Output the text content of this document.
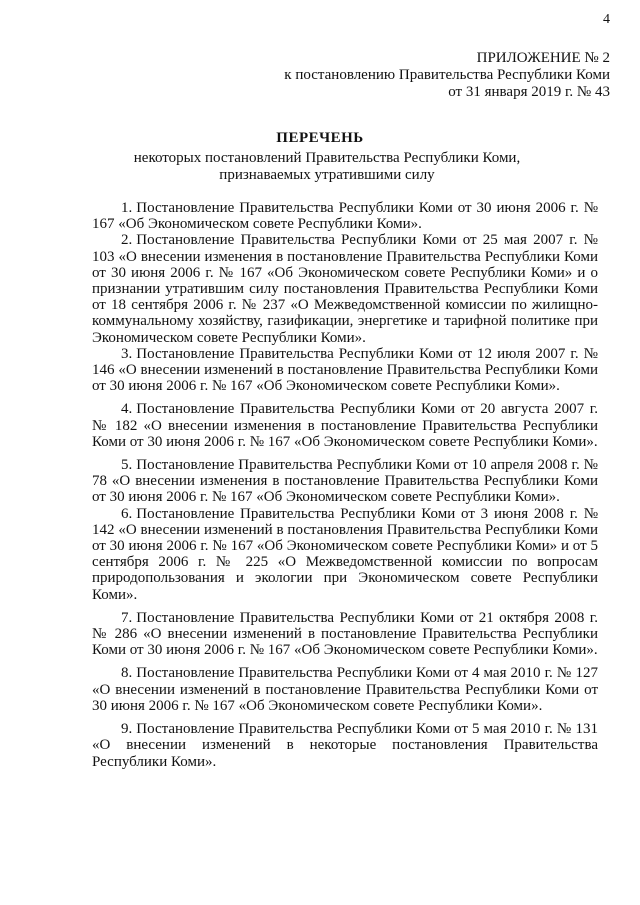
4
ПРИЛОЖЕНИЕ № 2
к постановлению Правительства Республики Коми
от 31 января 2019 г. № 43
ПЕРЕЧЕНЬ
некоторых постановлений Правительства Республики Коми, признаваемых утратившими силу

1. Постановление Правительства Республики Коми от 30 июня 2006 г. № 167 «Об Экономическом совете Республики Коми».

2. Постановление Правительства Республики Коми от 25 мая 2007 г. № 103 «О внесении изменения в постановление Правительства Республики Коми от 30 июня 2006 г. № 167 «Об Экономическом совете Республики Коми» и о признании утратившим силу постановления Правительства Республики Коми от 18 сентября 2006 г. № 237 «О Межведомственной комиссии по жилищно-коммунальному хозяйству, газификации, энергетике и тарифной политике при Экономическом совете Республики Коми».

3. Постановление Правительства Республики Коми от 12 июля 2007 г. № 146 «О внесении изменений в постановление Правительства Республики Коми от 30 июня 2006 г. № 167 «Об Экономическом совете Республики Коми».

4. Постановление Правительства Республики Коми от 20 августа 2007 г. № 182 «О внесении изменения в постановление Правительства Республики Коми от 30 июня 2006 г. № 167 «Об Экономическом совете Республики Коми».

5. Постановление Правительства Республики Коми от 10 апреля 2008 г. № 78 «О внесении изменения в постановление Правительства Республики Коми от 30 июня 2006 г. № 167 «Об Экономическом совете Республики Коми».

6. Постановление Правительства Республики Коми от 3 июня 2008 г. № 142 «О внесении изменений в постановления Правительства Республики Коми от 30 июня 2006 г. № 167 «Об Экономическом совете Республики Коми» и от 5 сентября 2006 г. № 225 «О Межведомственной комиссии по вопросам природопользования и экологии при Экономическом совете Республики Коми».

7. Постановление Правительства Республики Коми от 21 октября 2008 г. № 286 «О внесении изменений в постановление Правительства Республики Коми от 30 июня 2006 г. № 167 «Об Экономическом совете Республики Коми».

8. Постановление Правительства Республики Коми от 4 мая 2010 г. № 127 «О внесении изменений в постановление Правительства Республики Коми от 30 июня 2006 г. № 167 «Об Экономическом совете Республики Коми».

9. Постановление Правительства Республики Коми от 5 мая 2010 г. № 131 «О внесении изменений в некоторые постановления Правительства Республики Коми».
